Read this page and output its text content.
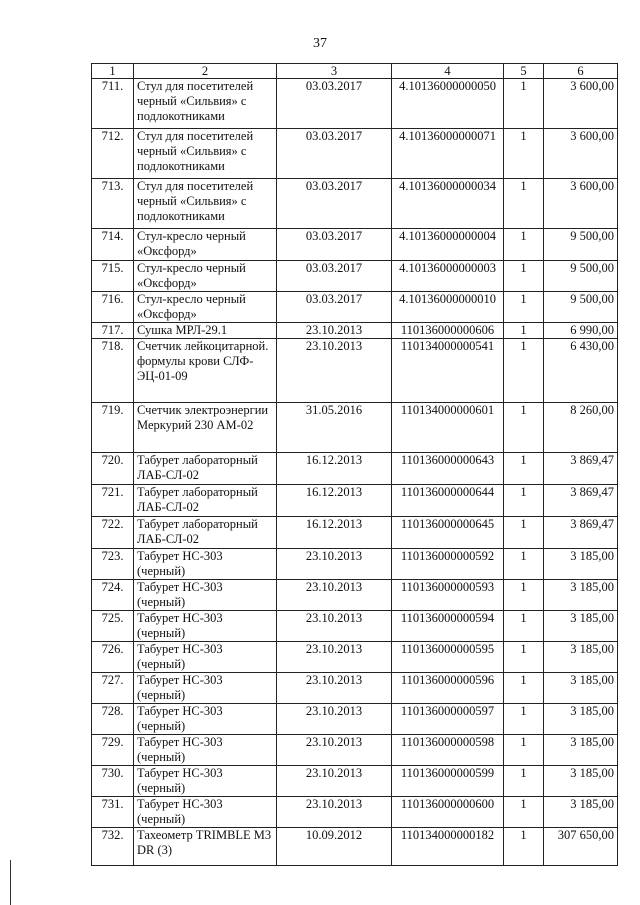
37
1	2	3	4	5	6
711.	Стул для посетителей черный «Сильвия» с подлокотниками	03.03.2017	4.10136000000050	1	3 600,00
712.	Стул для посетителей черный «Сильвия» с подлокотниками	03.03.2017	4.10136000000071	1	3 600,00
713.	Стул для посетителей черный «Сильвия» с подлокотниками	03.03.2017	4.10136000000034	1	3 600,00
714.	Стул-кресло черный «Оксфорд»	03.03.2017	4.10136000000004	1	9 500,00
715.	Стул-кресло черный «Оксфорд»	03.03.2017	4.10136000000003	1	9 500,00
716.	Стул-кресло черный «Оксфорд»	03.03.2017	4.10136000000010	1	9 500,00
717.	Сушка МРЛ-29.1	23.10.2013	110136000000606	1	6 990,00
718.	Счетчик лейкоцитарной. формулы крови СЛФ-ЭЦ-01-09	23.10.2013	110134000000541	1	6 430,00
719.	Счетчик электроэнергии Меркурий 230 АМ-02	31.05.2016	110134000000601	1	8 260,00
720.	Табурет лабораторный ЛАБ-СЛ-02	16.12.2013	110136000000643	1	3 869,47
721.	Табурет лабораторный ЛАБ-СЛ-02	16.12.2013	110136000000644	1	3 869,47
722.	Табурет лабораторный ЛАБ-СЛ-02	16.12.2013	110136000000645	1	3 869,47
723.	Табурет НС-303 (черный)	23.10.2013	110136000000592	1	3 185,00
724.	Табурет НС-303 (черный)	23.10.2013	110136000000593	1	3 185,00
725.	Табурет НС-303 (черный)	23.10.2013	110136000000594	1	3 185,00
726.	Табурет НС-303 (черный)	23.10.2013	110136000000595	1	3 185,00
727.	Табурет НС-303 (черный)	23.10.2013	110136000000596	1	3 185,00
728.	Табурет НС-303 (черный)	23.10.2013	110136000000597	1	3 185,00
729.	Табурет НС-303 (черный)	23.10.2013	110136000000598	1	3 185,00
730.	Табурет НС-303 (черный)	23.10.2013	110136000000599	1	3 185,00
731.	Табурет НС-303 (черный)	23.10.2013	110136000000600	1	3 185,00
732.	Тахеометр TRIMBLE M3 DR (3)	10.09.2012	110134000000182	1	307 650,00
